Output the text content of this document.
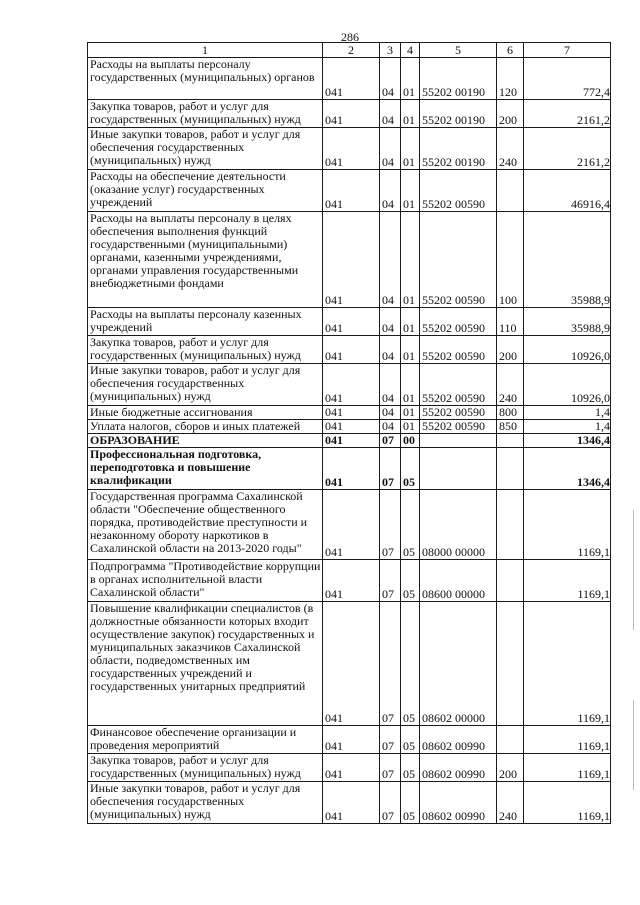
286
1	2	3	4	5	6	7
Расходы на выплаты персоналу государственных (муниципальных) органов	041	04	01	55202 00190	120	772,4
Закупка товаров, работ и услуг для государственных (муниципальных) нужд	041	04	01	55202 00190	200	2161,2
Иные закупки товаров, работ и услуг для обеспечения государственных (муниципальных) нужд	041	04	01	55202 00190	240	2161,2
Расходы на обеспечение деятельности (оказание услуг) государственных учреждений	041	04	01	55202 00590		46916,4
Расходы на выплаты персоналу в целях обеспечения выполнения функций государственными (муниципальными) органами, казенными учреждениями, органами управления государственными внебюджетными фондами	041	04	01	55202 00590	100	35988,9
Расходы на выплаты персоналу казенных учреждений	041	04	01	55202 00590	110	35988,9
Закупка товаров, работ и услуг для государственных (муниципальных) нужд	041	04	01	55202 00590	200	10926,0
Иные закупки товаров, работ и услуг для обеспечения государственных (муниципальных) нужд	041	04	01	55202 00590	240	10926,0
Иные бюджетные ассигнования	041	04	01	55202 00590	800	1,4
Уплата налогов, сборов и иных платежей	041	04	01	55202 00590	850	1,4
ОБРАЗОВАНИЕ	041	07	00			1346,4
Профессиональная подготовка, переподготовка и повышение квалификации	041	07	05			1346,4
Государственная программа Сахалинской области "Обеспечение общественного порядка, противодействие преступности и незаконному обороту наркотиков в Сахалинской области на 2013-2020 годы"	041	07	05	08000 00000		1169,1
Подпрограмма "Противодействие коррупции в органах исполнительной власти Сахалинской области"	041	07	05	08600 00000		1169,1
Повышение квалификации специалистов (в должностные обязанности которых входит осуществление закупок) государственных и муниципальных заказчиков Сахалинской области, подведомственных им государственных учреждений и государственных унитарных предприятий	041	07	05	08602 00000		1169,1
Финансовое обеспечение организации и проведения мероприятий	041	07	05	08602 00990		1169,1
Закупка товаров, работ и услуг для государственных (муниципальных) нужд	041	07	05	08602 00990	200	1169,1
Иные закупки товаров, работ и услуг для обеспечения государственных (муниципальных) нужд	041	07	05	08602 00990	240	1169,1
